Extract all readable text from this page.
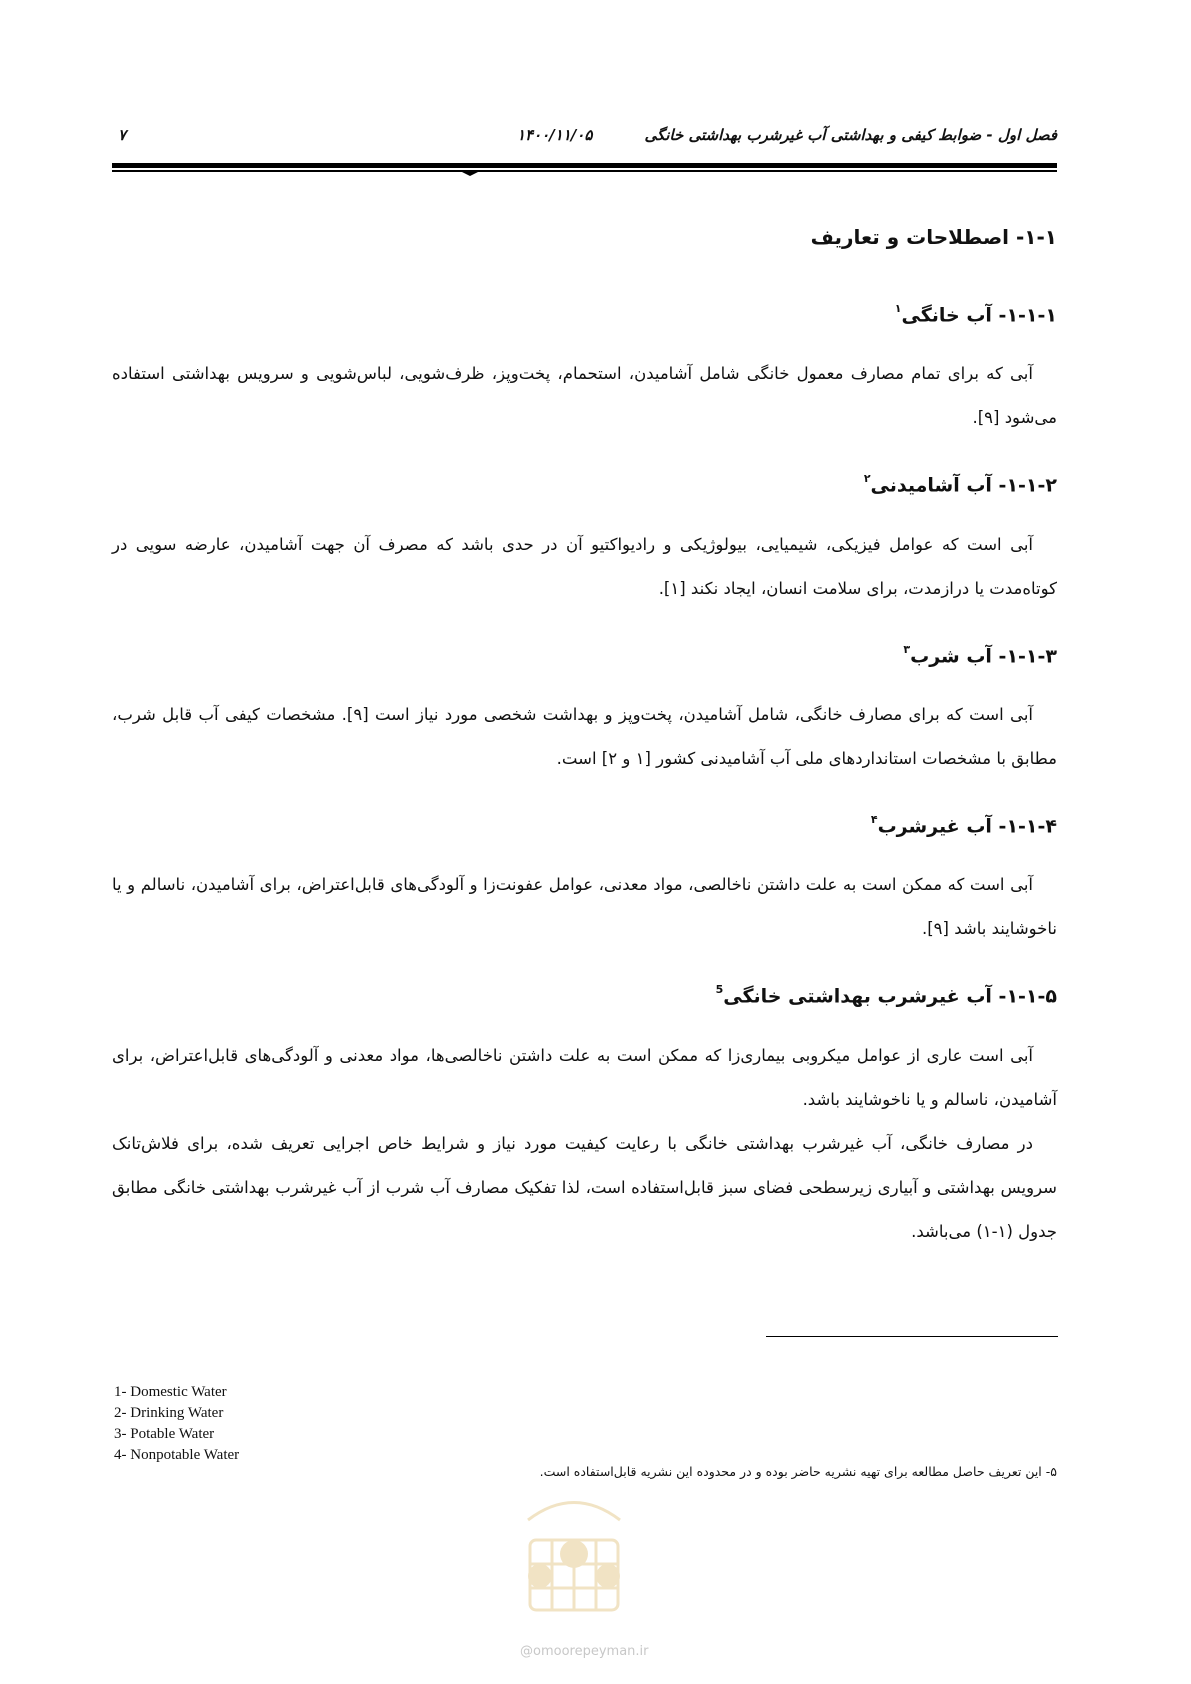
فصل اول - ضوابط کیفی و بهداشتی آب غیرشرب بهداشتی خانگی
۱۴۰۰/۱۱/۰۵
۷
۱-۱- اصطلاحات و تعاریف
۱-۱-۱- آب خانگی$^۱$

آبی که برای تمام مصارف معمول خانگی شامل آشامیدن، استحمام، پخت‌وپز، ظرف‌شویی، لباس‌شویی و سرویس بهداشتی استفاده می‌شود [۹].

۱-۱-۲- آب آشامیدنی$^۲$

آبی است که عوامل فیزیکی، شیمیایی، بیولوژیکی و رادیواکتیو آن در حدی باشد که مصرف آن جهت آشامیدن، عارضه سویی در کوتاه‌مدت یا درازمدت، برای سلامت انسان، ایجاد نکند [۱].

۱-۱-۳- آب شرب$^۳$

آبی است که برای مصارف خانگی، شامل آشامیدن، پخت‌وپز و بهداشت شخصی مورد نیاز است [۹]. مشخصات کیفی آب قابل شرب، مطابق با مشخصات استانداردهای ملی آب آشامیدنی کشور [۱ و ۲] است.

۱-۱-۴- آب غیرشرب$^۴$

آبی است که ممکن است به علت داشتن ناخالصی، مواد معدنی، عوامل عفونت‌زا و آلودگی‌های قابل‌اعتراض، برای آشامیدن، ناسالم و یا ناخوشایند باشد [۹].

۱-۱-۵- آب غیرشرب بهداشتی خانگی$^5$

آبی است عاری از عوامل میکروبی بیماری‌زا که ممکن است به علت داشتن ناخالصی‌ها، مواد معدنی و آلودگی‌های قابل‌اعتراض، برای آشامیدن، ناسالم و یا ناخوشایند باشد.

در مصارف خانگی، آب غیرشرب بهداشتی خانگی با رعایت کیفیت مورد نیاز و شرایط خاص اجرایی تعریف شده، برای فلاش‌تانک سرویس بهداشتی و آبیاری زیرسطحی فضای سبز قابل‌استفاده است، لذا تفکیک مصارف آب شرب از آب غیرشرب بهداشتی خانگی مطابق جدول (۱-۱) می‌باشد.

1- Domestic Water
2- Drinking Water
3- Potable Water
4- Nonpotable Water
۵- این تعریف حاصل مطالعه برای تهیه نشریه حاضر بوده و در محدوده این نشریه قابل‌استفاده است.
@omoorepeyman.ir
